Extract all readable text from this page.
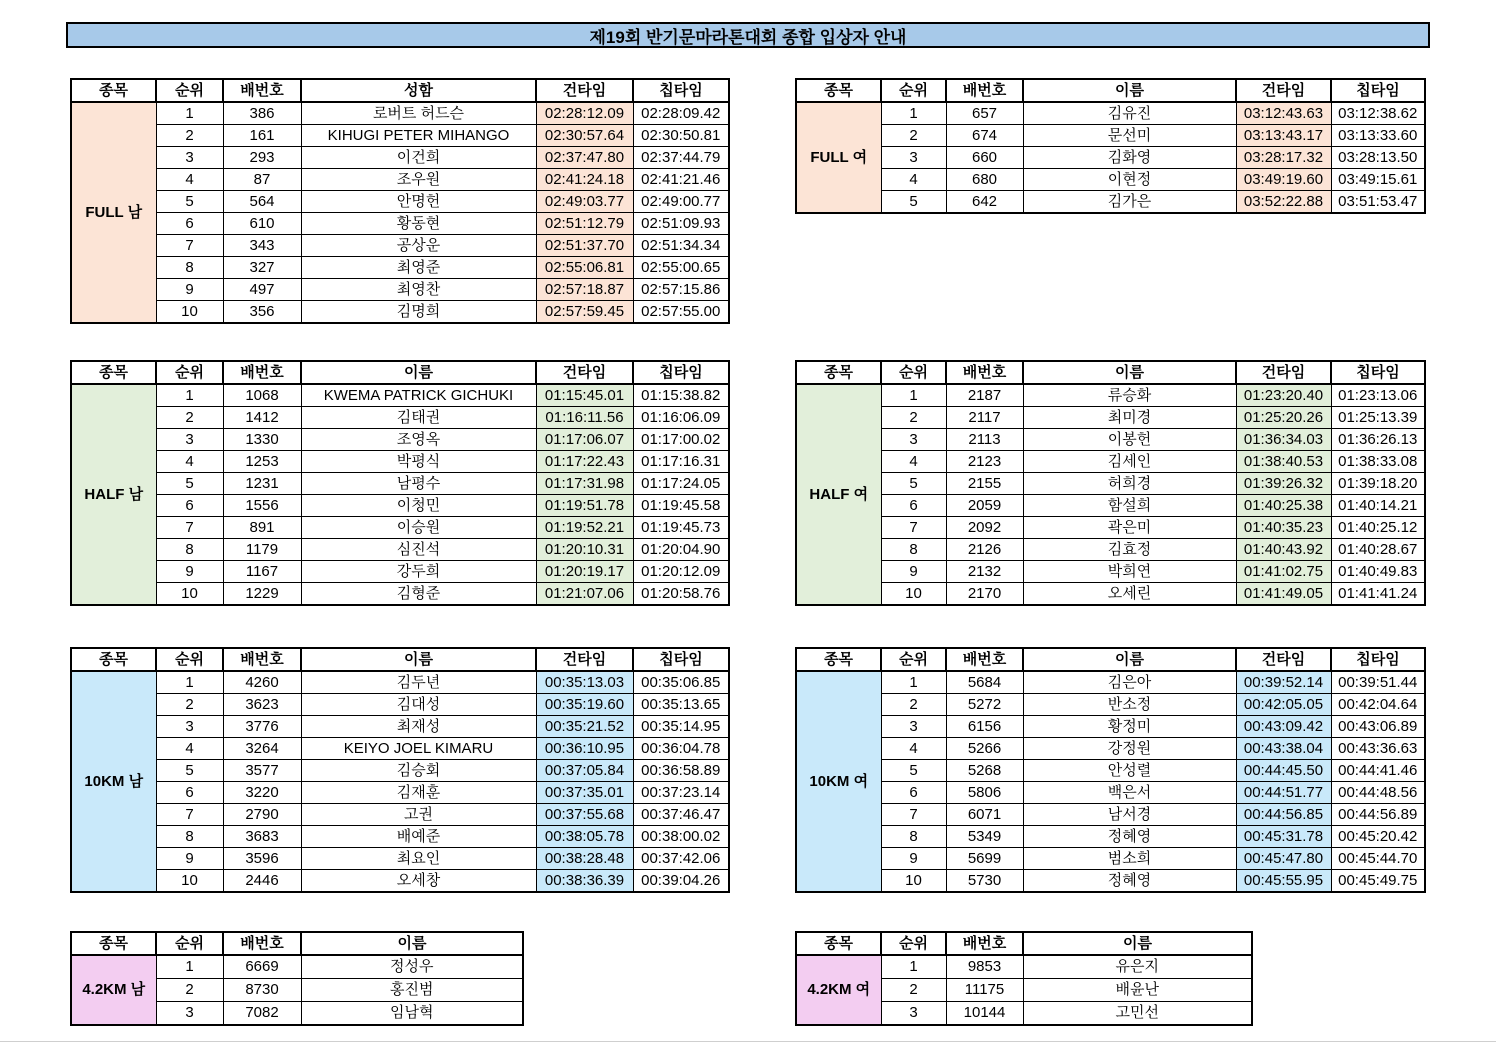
제19회 반기문마라톤대회 종합 입상자 안내
종목	순위	배번호	성함	건타임	칩타임
FULL 남	1	386	로버트 허드슨	02:28:12.09	02:28:09.42
	2	161	KIHUGI PETER MIHANGO	02:30:57.64	02:30:50.81
	3	293	이건희	02:37:47.80	02:37:44.79
	4	87	조우원	02:41:24.18	02:41:21.46
	5	564	안명헌	02:49:03.77	02:49:00.77
	6	610	황동현	02:51:12.79	02:51:09.93
	7	343	공상운	02:51:37.70	02:51:34.34
	8	327	최영준	02:55:06.81	02:55:00.65
	9	497	최영찬	02:57:18.87	02:57:15.86
	10	356	김명희	02:57:59.45	02:57:55.00
종목	순위	배번호	이름	건타임	칩타임
FULL 여	1	657	김유진	03:12:43.63	03:12:38.62
	2	674	문선미	03:13:43.17	03:13:33.60
	3	660	김화영	03:28:17.32	03:28:13.50
	4	680	이현정	03:49:19.60	03:49:15.61
	5	642	김가은	03:52:22.88	03:51:53.47
종목	순위	배번호	이름	건타임	칩타임
HALF 남	1	1068	KWEMA PATRICK GICHUKI	01:15:45.01	01:15:38.82
	2	1412	김태권	01:16:11.56	01:16:06.09
	3	1330	조영옥	01:17:06.07	01:17:00.02
	4	1253	박평식	01:17:22.43	01:17:16.31
	5	1231	남평수	01:17:31.98	01:17:24.05
	6	1556	이청민	01:19:51.78	01:19:45.58
	7	891	이승원	01:19:52.21	01:19:45.73
	8	1179	심진석	01:20:10.31	01:20:04.90
	9	1167	강두희	01:20:19.17	01:20:12.09
	10	1229	김형준	01:21:07.06	01:20:58.76
종목	순위	배번호	이름	건타임	칩타임
HALF 여	1	2187	류승화	01:23:20.40	01:23:13.06
	2	2117	최미경	01:25:20.26	01:25:13.39
	3	2113	이봉헌	01:36:34.03	01:36:26.13
	4	2123	김세인	01:38:40.53	01:38:33.08
	5	2155	허희경	01:39:26.32	01:39:18.20
	6	2059	함설희	01:40:25.38	01:40:14.21
	7	2092	곽은미	01:40:35.23	01:40:25.12
	8	2126	김효정	01:40:43.92	01:40:28.67
	9	2132	박희연	01:41:02.75	01:40:49.83
	10	2170	오세린	01:41:49.05	01:41:41.24
종목	순위	배번호	이름	건타임	칩타임
10KM 남	1	4260	김두년	00:35:13.03	00:35:06.85
	2	3623	김대성	00:35:19.60	00:35:13.65
	3	3776	최재성	00:35:21.52	00:35:14.95
	4	3264	KEIYO JOEL KIMARU	00:36:10.95	00:36:04.78
	5	3577	김승회	00:37:05.84	00:36:58.89
	6	3220	김재훈	00:37:35.01	00:37:23.14
	7	2790	고권	00:37:55.68	00:37:46.47
	8	3683	배예준	00:38:05.78	00:38:00.02
	9	3596	최요인	00:38:28.48	00:37:42.06
	10	2446	오세창	00:38:36.39	00:39:04.26
종목	순위	배번호	이름	건타임	칩타임
10KM 여	1	5684	김은아	00:39:52.14	00:39:51.44
	2	5272	반소정	00:42:05.05	00:42:04.64
	3	6156	황정미	00:43:09.42	00:43:06.89
	4	5266	강정원	00:43:38.04	00:43:36.63
	5	5268	안성렬	00:44:45.50	00:44:41.46
	6	5806	백은서	00:44:51.77	00:44:48.56
	7	6071	남서경	00:44:56.85	00:44:56.89
	8	5349	정혜영	00:45:31.78	00:45:20.42
	9	5699	범소희	00:45:47.80	00:45:44.70
	10	5730	정혜영	00:45:55.95	00:45:49.75
종목	순위	배번호	이름
4.2KM 남	1	6669	정성우
	2	8730	홍진범
	3	7082	임남혁
종목	순위	배번호	이름
4.2KM 여	1	9853	유은지
	2	11175	배윤난
	3	10144	고민선
